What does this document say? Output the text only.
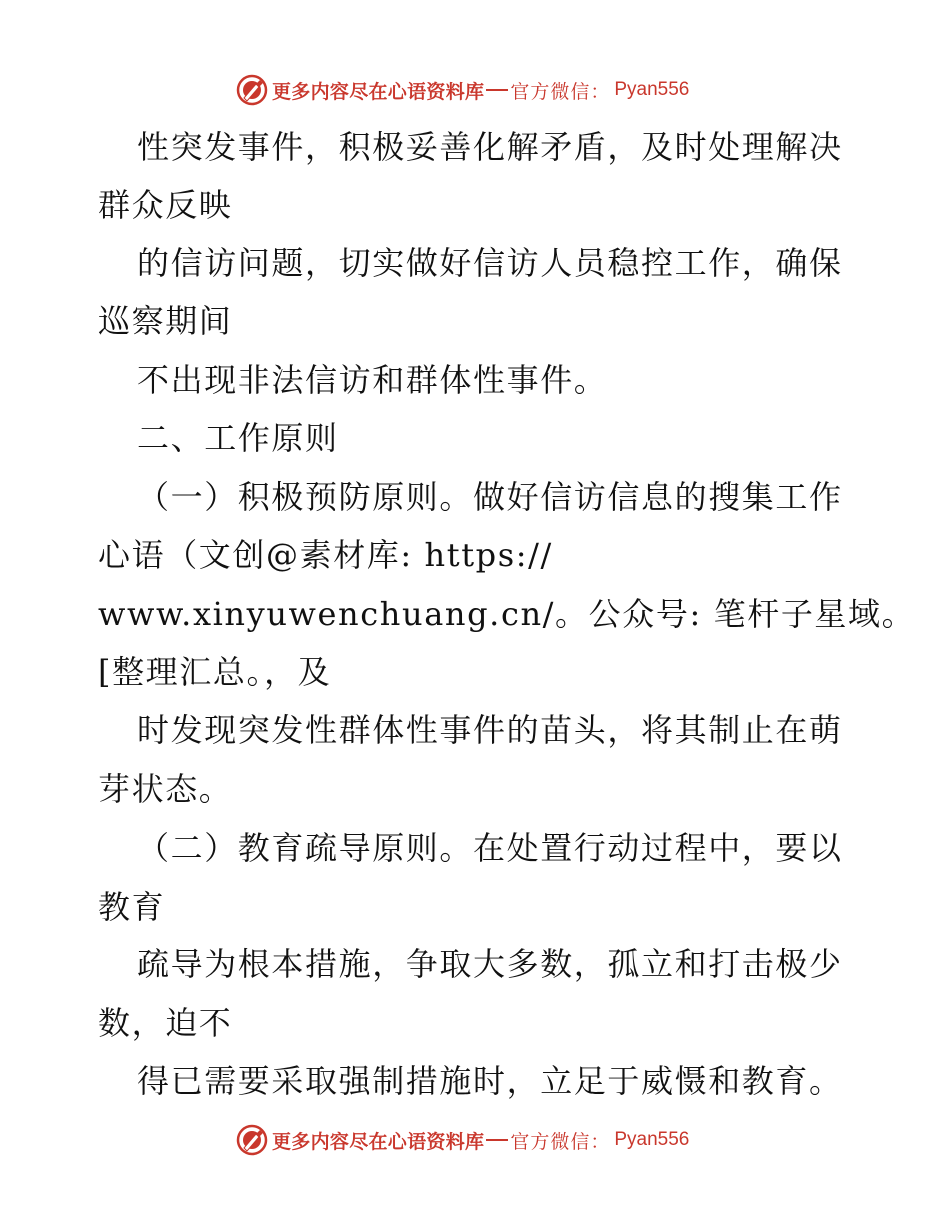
更多内容尽在心语资料库 官方微信： Pyan556
性突发事件，积极妥善化解矛盾，及时处理解决
群众反映
的信访问题，切实做好信访人员稳控工作，确保
巡察期间
不出现非法信访和群体性事件。
二、工作原则
（一）积极预防原则。做好信访信息的搜集工作
心语（文创@素材库: https://
www.xinyuwenchuang.cn/。公众号: 笔杆子星域。
[整理汇总。，及
时发现突发性群体性事件的苗头，将其制止在萌
芽状态。
（二）教育疏导原则。在处置行动过程中，要以
教育
疏导为根本措施，争取大多数，孤立和打击极少
数，迫不
得已需要采取强制措施时，立足于威慑和教育。
更多内容尽在心语资料库 官方微信： Pyan556
